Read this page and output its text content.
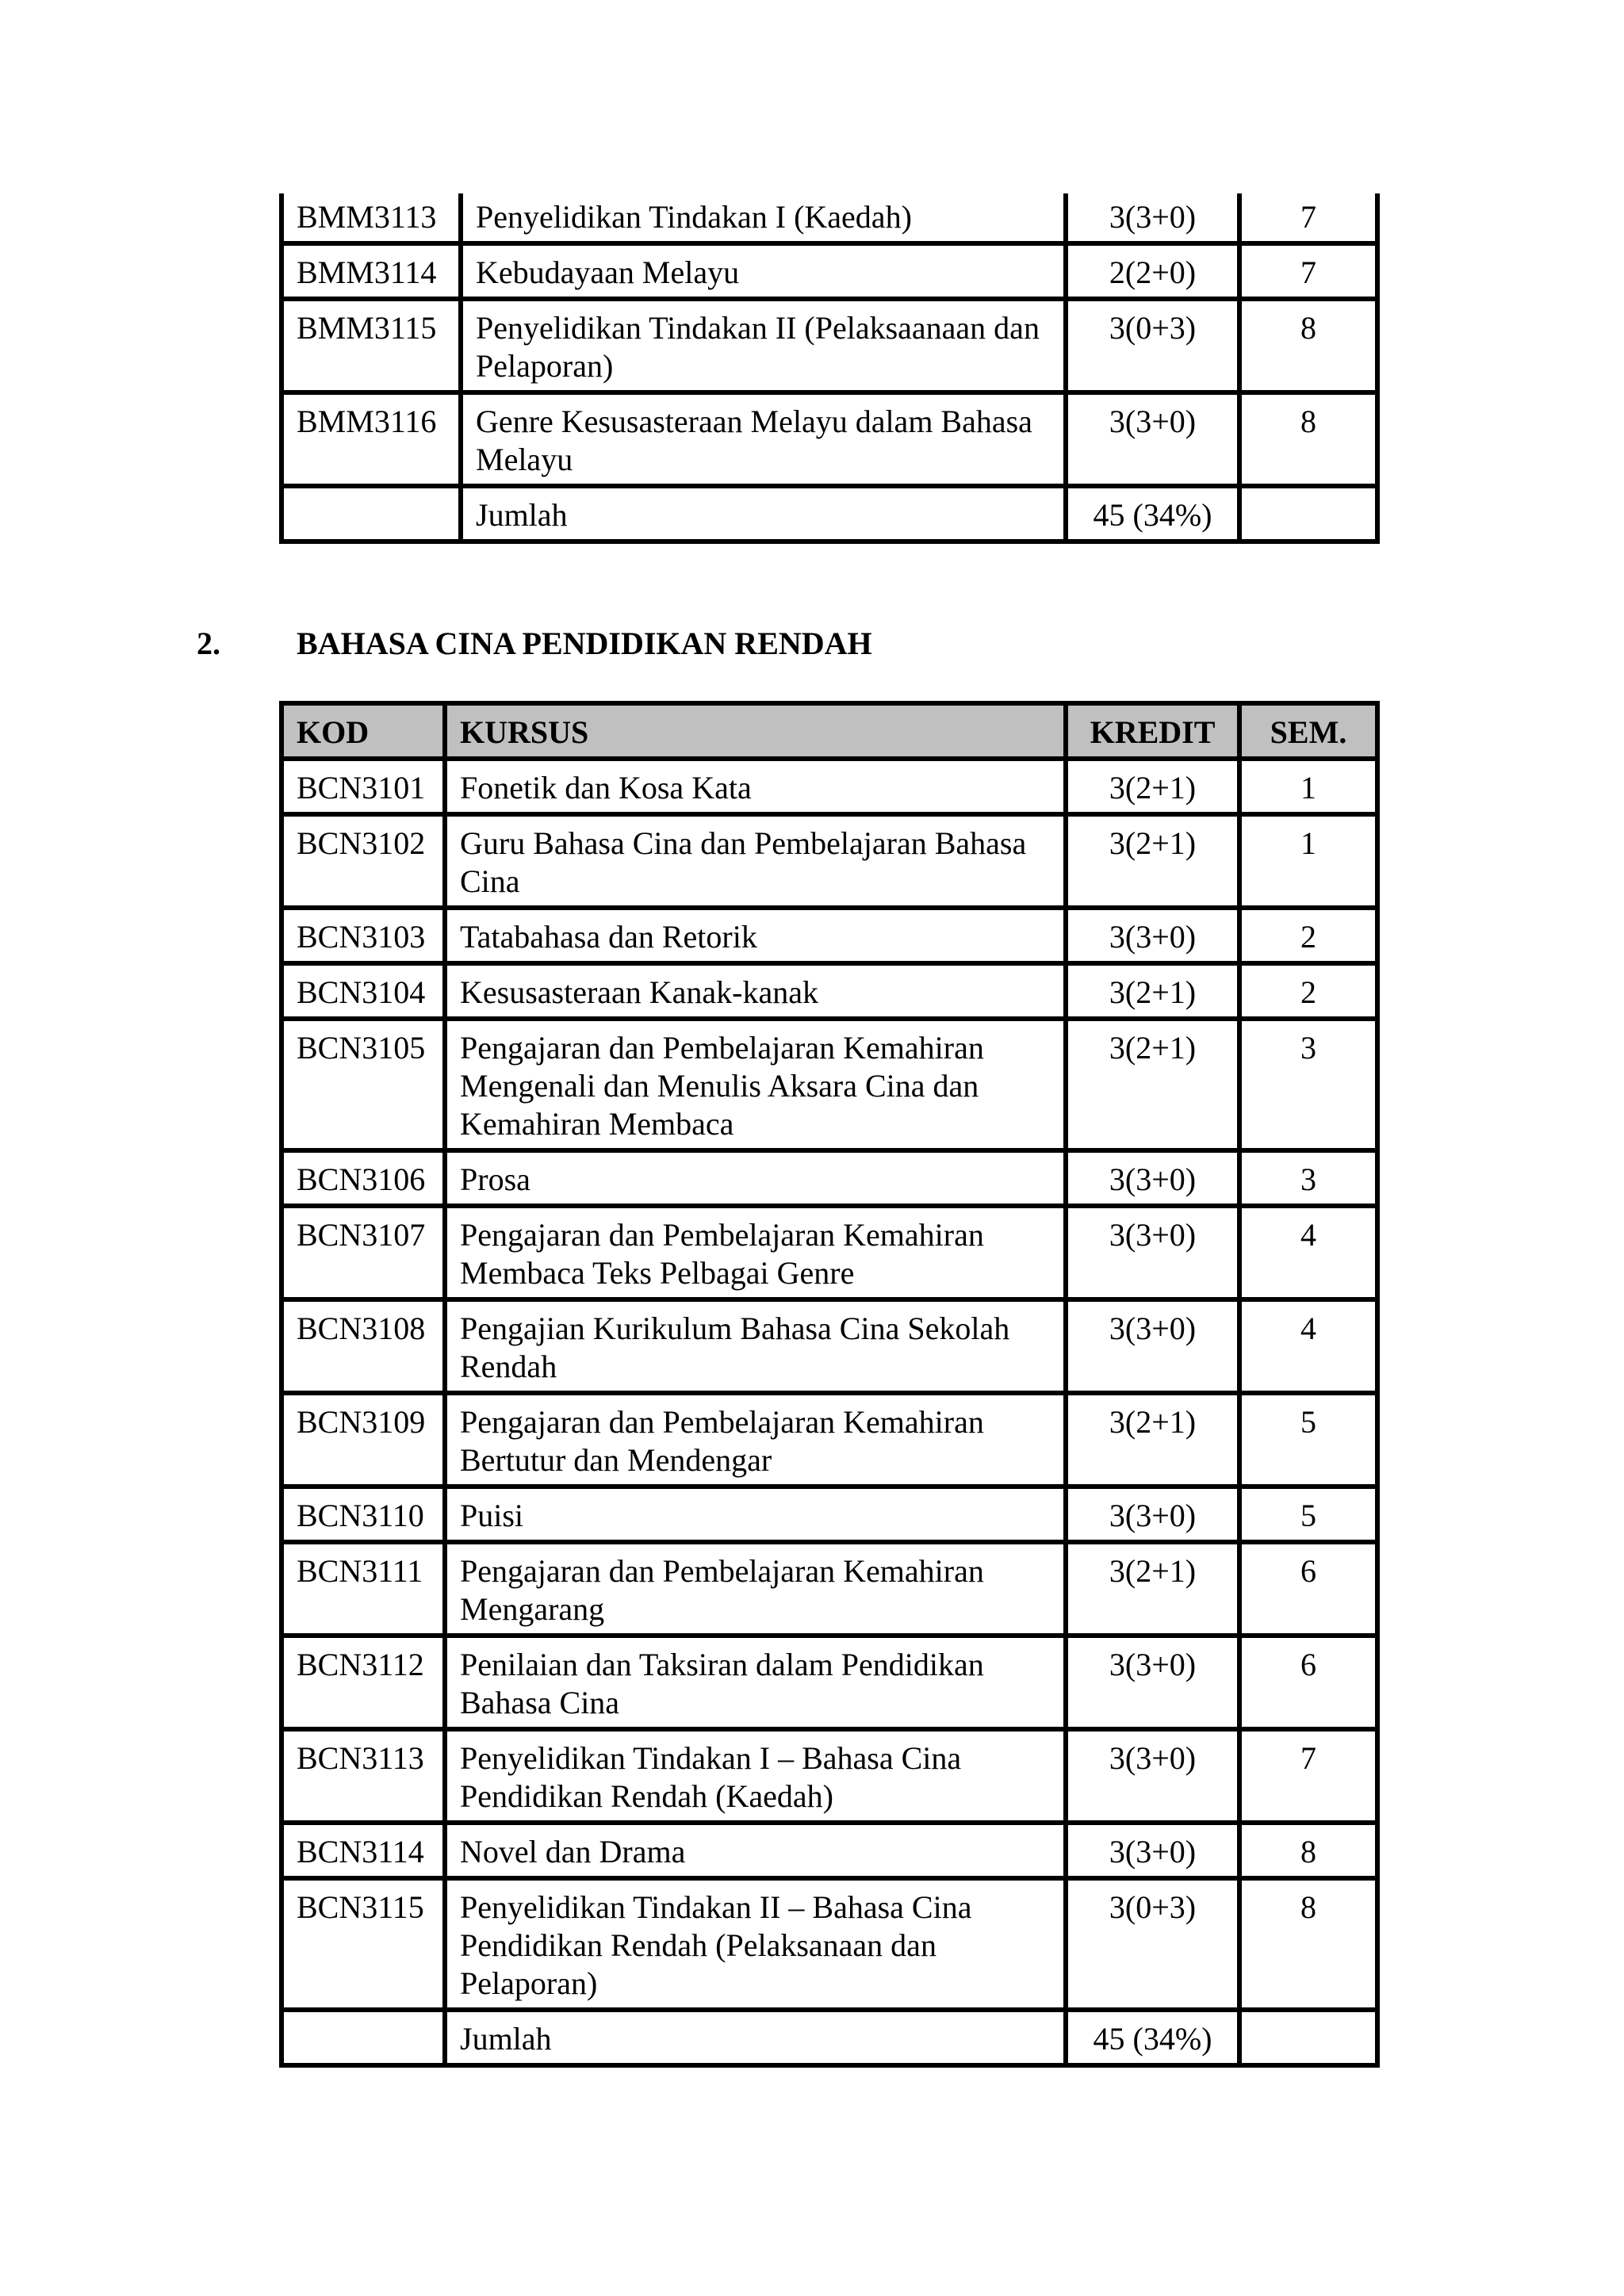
BMM3113	Penyelidikan Tindakan I (Kaedah)	3(3+0)	7
BMM3114	Kebudayaan Melayu	2(2+0)	7
BMM3115	Penyelidikan Tindakan II (Pelaksaanaan dan Pelaporan)	3(0+3)	8
BMM3116	Genre Kesusasteraan Melayu dalam Bahasa Melayu	3(3+0)	8
	Jumlah	45 (34%)	
2. BAHASA CINA PENDIDIKAN RENDAH
KOD	KURSUS	KREDIT	SEM.
BCN3101	Fonetik dan Kosa Kata	3(2+1)	1
BCN3102	Guru Bahasa Cina dan Pembelajaran Bahasa Cina	3(2+1)	1
BCN3103	Tatabahasa dan Retorik	3(3+0)	2
BCN3104	Kesusasteraan Kanak-kanak	3(2+1)	2
BCN3105	Pengajaran dan Pembelajaran Kemahiran Mengenali dan Menulis Aksara Cina dan Kemahiran Membaca	3(2+1)	3
BCN3106	Prosa	3(3+0)	3
BCN3107	Pengajaran dan Pembelajaran Kemahiran Membaca Teks Pelbagai Genre	3(3+0)	4
BCN3108	Pengajian Kurikulum Bahasa Cina Sekolah Rendah	3(3+0)	4
BCN3109	Pengajaran dan Pembelajaran Kemahiran Bertutur dan Mendengar	3(2+1)	5
BCN3110	Puisi	3(3+0)	5
BCN3111	Pengajaran dan Pembelajaran Kemahiran Mengarang	3(2+1)	6
BCN3112	Penilaian dan Taksiran dalam Pendidikan Bahasa Cina	3(3+0)	6
BCN3113	Penyelidikan Tindakan I – Bahasa Cina Pendidikan Rendah (Kaedah)	3(3+0)	7
BCN3114	Novel dan Drama	3(3+0)	8
BCN3115	Penyelidikan Tindakan II – Bahasa Cina Pendidikan Rendah (Pelaksanaan dan Pelaporan)	3(0+3)	8
	Jumlah	45 (34%)	
